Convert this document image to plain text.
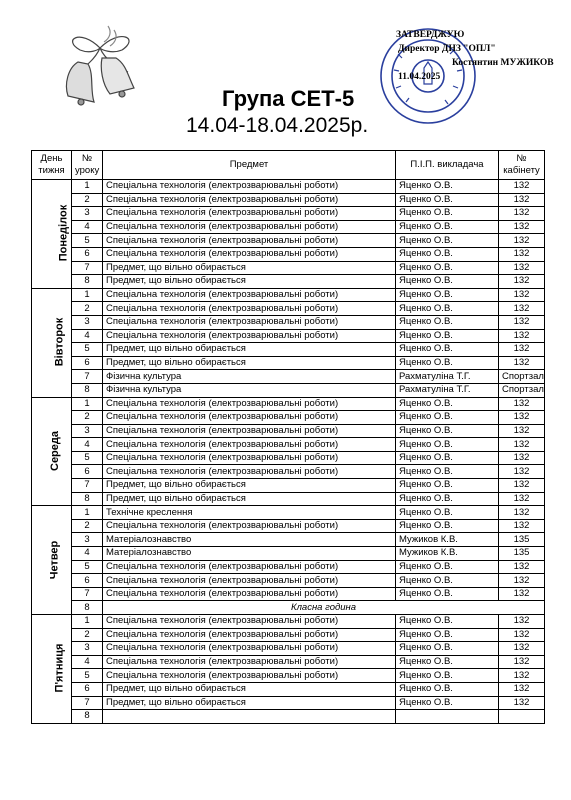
ЗАТВЕРДЖУЮ
Директор ДНЗ "ОПЛ"
Костянтин МУЖИКОВ
11.04.2025
Група СЕТ-5
14.04-18.04.2025р.
День тижня	№ уроку	Предмет	П.І.П. викладача	№ кабінету
Понеділок	1	Спеціальна технологія (електрозварювальні роботи)	Яценко О.В.	132
	2	Спеціальна технологія (електрозварювальні роботи)	Яценко О.В.	132
	3	Спеціальна технологія (електрозварювальні роботи)	Яценко О.В.	132
	4	Спеціальна технологія (електрозварювальні роботи)	Яценко О.В.	132
	5	Спеціальна технологія (електрозварювальні роботи)	Яценко О.В.	132
	6	Спеціальна технологія (електрозварювальні роботи)	Яценко О.В.	132
	7	Предмет, що вільно обирається	Яценко О.В.	132
	8	Предмет, що вільно обирається	Яценко О.В.	132
Вівторок	1	Спеціальна технологія (електрозварювальні роботи)	Яценко О.В.	132
	2	Спеціальна технологія (електрозварювальні роботи)	Яценко О.В.	132
	3	Спеціальна технологія (електрозварювальні роботи)	Яценко О.В.	132
	4	Спеціальна технологія (електрозварювальні роботи)	Яценко О.В.	132
	5	Предмет, що вільно обирається	Яценко О.В.	132
	6	Предмет, що вільно обирається	Яценко О.В.	132
	7	Фізична культура	Рахматуліна Т.Г.	Спортзал
	8	Фізична культура	Рахматуліна Т.Г.	Спортзал
Середа	1	Спеціальна технологія (електрозварювальні роботи)	Яценко О.В.	132
	2	Спеціальна технологія (електрозварювальні роботи)	Яценко О.В.	132
	3	Спеціальна технологія (електрозварювальні роботи)	Яценко О.В.	132
	4	Спеціальна технологія (електрозварювальні роботи)	Яценко О.В.	132
	5	Спеціальна технологія (електрозварювальні роботи)	Яценко О.В.	132
	6	Спеціальна технологія (електрозварювальні роботи)	Яценко О.В.	132
	7	Предмет, що вільно обирається	Яценко О.В.	132
	8	Предмет, що вільно обирається	Яценко О.В.	132
Четвер	1	Технічне креслення	Яценко О.В.	132
	2	Спеціальна технологія (електрозварювальні роботи)	Яценко О.В.	132
	3	Матеріалознавство	Мужиков К.В.	135
	4	Матеріалознавство	Мужиков К.В.	135
	5	Спеціальна технологія (електрозварювальні роботи)	Яценко О.В.	132
	6	Спеціальна технологія (електрозварювальні роботи)	Яценко О.В.	132
	7	Спеціальна технологія (електрозварювальні роботи)	Яценко О.В.	132
	8	Класна година		
П'ятниця	1	Спеціальна технологія (електрозварювальні роботи)	Яценко О.В.	132
	2	Спеціальна технологія (електрозварювальні роботи)	Яценко О.В.	132
	3	Спеціальна технологія (електрозварювальні роботи)	Яценко О.В.	132
	4	Спеціальна технологія (електрозварювальні роботи)	Яценко О.В.	132
	5	Спеціальна технологія (електрозварювальні роботи)	Яценко О.В.	132
	6	Предмет, що вільно обирається	Яценко О.В.	132
	7	Предмет, що вільно обирається	Яценко О.В.	132
	8			
